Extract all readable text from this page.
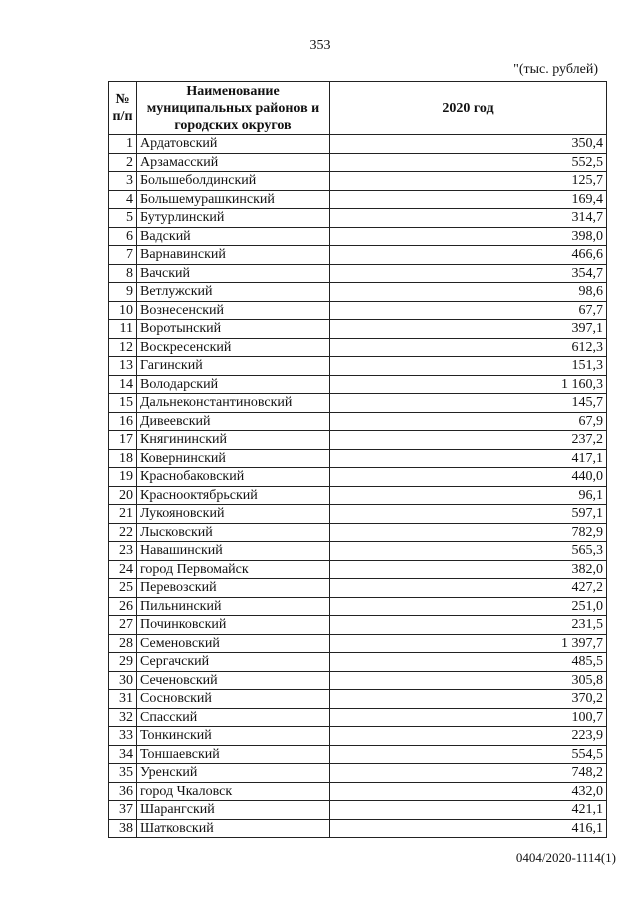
353
"(тыс. рублей)
№ п/п	Наименование муниципальных районов и городских округов	2020 год
1	Ардатовский	350,4
2	Арзамасский	552,5
3	Большеболдинский	125,7
4	Большемурашкинский	169,4
5	Бутурлинский	314,7
6	Вадский	398,0
7	Варнавинский	466,6
8	Вачский	354,7
9	Ветлужский	98,6
10	Вознесенский	67,7
11	Воротынский	397,1
12	Воскресенский	612,3
13	Гагинский	151,3
14	Володарский	1 160,3
15	Дальнеконстантиновский	145,7
16	Дивеевский	67,9
17	Княгининский	237,2
18	Ковернинский	417,1
19	Краснобаковский	440,0
20	Краснооктябрьский	96,1
21	Лукояновский	597,1
22	Лысковский	782,9
23	Навашинский	565,3
24	город Первомайск	382,0
25	Перевозский	427,2
26	Пильнинский	251,0
27	Починковский	231,5
28	Семеновский	1 397,7
29	Сергачский	485,5
30	Сеченовский	305,8
31	Сосновский	370,2
32	Спасский	100,7
33	Тонкинский	223,9
34	Тоншаевский	554,5
35	Уренский	748,2
36	город Чкаловск	432,0
37	Шарангский	421,1
38	Шатковский	416,1
0404/2020-1114(1)
